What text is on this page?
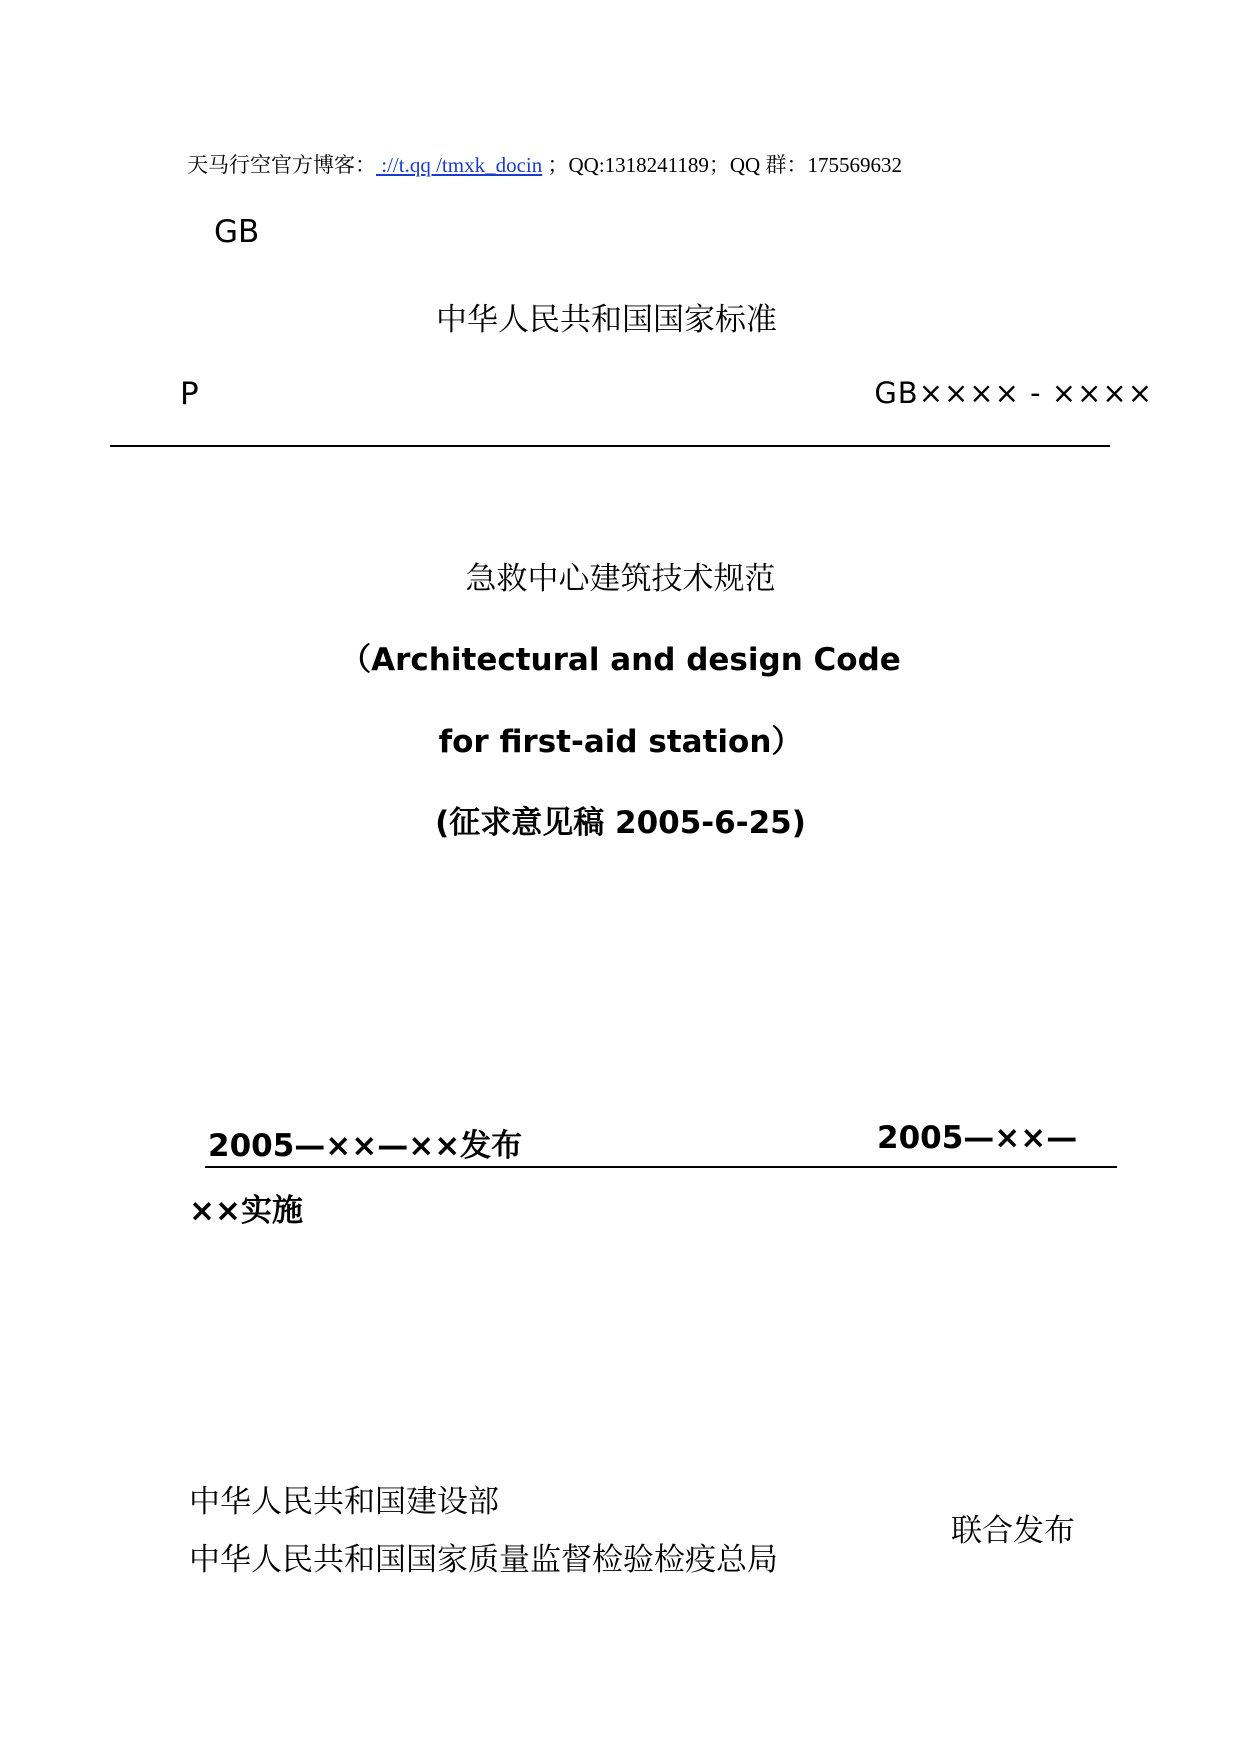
天马行空官方博客： ://t.qq /tmxk_docin ；QQ:1318241189；QQ 群：175569632
GB
中华人民共和国国家标准
P	GB×××× - ××××
急救中心建筑技术规范
（Architectural and design Code
for first-aid station）
(征求意见稿 2005-6-25)
2005—××—××发布	2005—××—
××实施
中华人民共和国建设部
中华人民共和国国家质量监督检验检疫总局
联合发布
